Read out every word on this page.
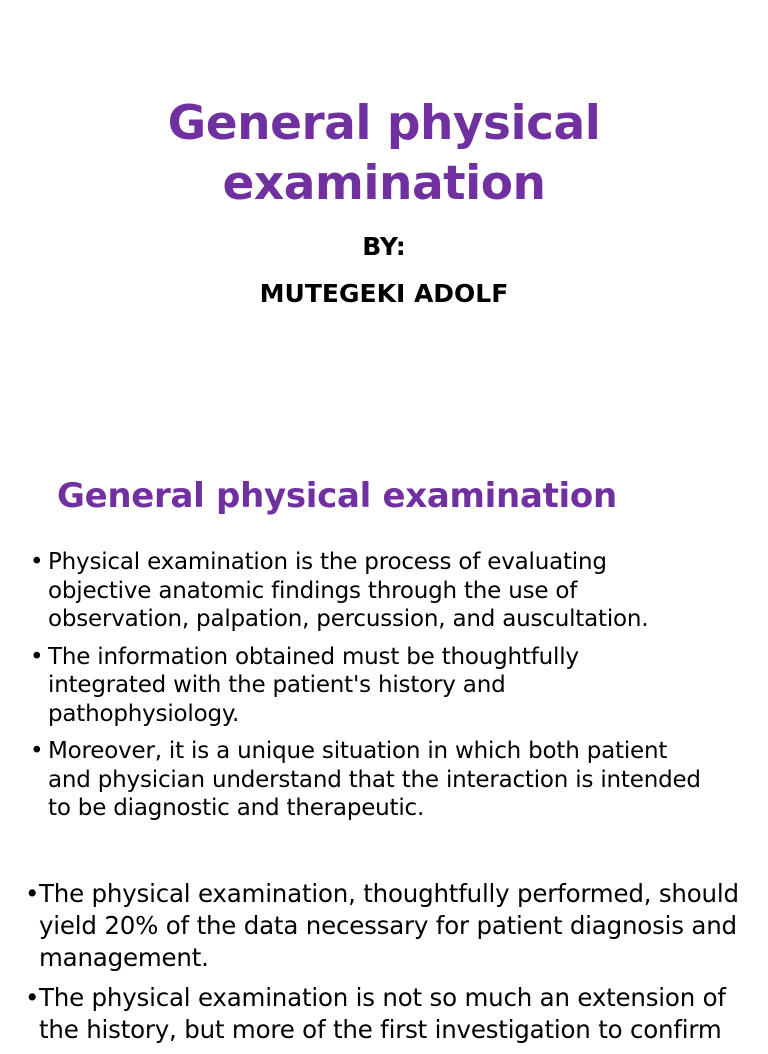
General physical
examination
BY:
MUTEGEKI ADOLF
General physical examination
• Physical examination is the process of evaluating
objective anatomic findings through the use of
observation, palpation, percussion, and auscultation.
• The information obtained must be thoughtfully
integrated with the patient's history and
pathophysiology.
• Moreover, it is a unique situation in which both patient
and physician understand that the interaction is intended
to be diagnostic and therapeutic.
• The physical examination, thoughtfully performed, should
yield 20% of the data necessary for patient diagnosis and
management.
• The physical examination is not so much an extension of
the history, but more of the first investigation to confirm
